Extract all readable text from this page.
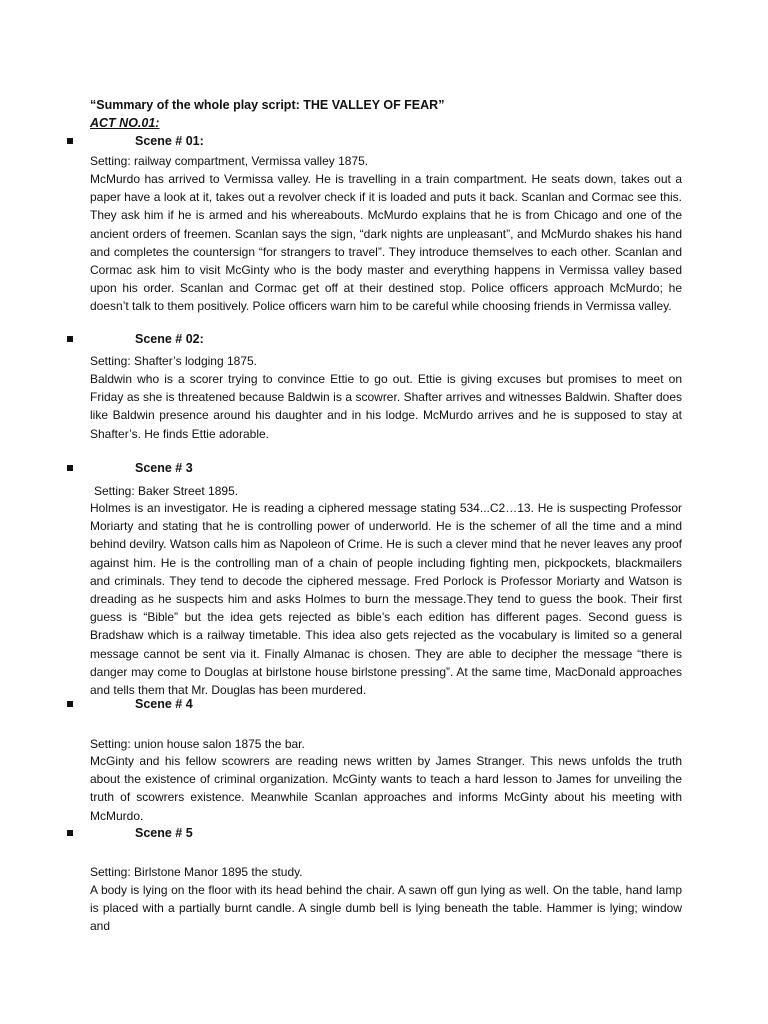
“Summary of the whole play script: THE VALLEY OF FEAR”
ACT NO.01:
Scene # 01:
Setting: railway compartment, Vermissa valley 1875.
McMurdo has arrived to Vermissa valley. He is travelling in a train compartment. He seats down, takes out a paper have a look at it, takes out a revolver check if it is loaded and puts it back. Scanlan and Cormac see this. They ask him if he is armed and his whereabouts. McMurdo explains that he is from Chicago and one of the ancient orders of freemen. Scanlan says the sign, “dark nights are unpleasant”, and McMurdo shakes his hand and completes the countersign “for strangers to travel”. They introduce themselves to each other. Scanlan and Cormac ask him to visit McGinty who is the body master and everything happens in Vermissa valley based upon his order. Scanlan and Cormac get off at their destined stop. Police officers approach McMurdo; he doesn’t talk to them positively. Police officers warn him to be careful while choosing friends in Vermissa valley.
Scene # 02:
Setting: Shafter’s lodging 1875.
Baldwin who is a scorer trying to convince Ettie to go out. Ettie is giving excuses but promises to meet on Friday as she is threatened because Baldwin is a scowrer. Shafter arrives and witnesses Baldwin. Shafter does like Baldwin presence around his daughter and in his lodge. McMurdo arrives and he is supposed to stay at Shafter’s. He finds Ettie adorable.
Scene # 3
Setting: Baker Street 1895.
Holmes is an investigator. He is reading a ciphered message stating 534...C2…13. He is suspecting Professor Moriarty and stating that he is controlling power of underworld. He is the schemer of all the time and a mind behind devilry. Watson calls him as Napoleon of Crime. He is such a clever mind that he never leaves any proof against him. He is the controlling man of a chain of people including fighting men, pickpockets, blackmailers and criminals. They tend to decode the ciphered message. Fred Porlock is Professor Moriarty and Watson is dreading as he suspects him and asks Holmes to burn the message.They tend to guess the book. Their first guess is “Bible” but the idea gets rejected as bible’s each edition has different pages. Second guess is Bradshaw which is a railway timetable. This idea also gets rejected as the vocabulary is limited so a general message cannot be sent via it. Finally Almanac is chosen. They are able to decipher the message “there is danger may come to Douglas at birlstone house birlstone pressing”. At the same time, MacDonald approaches and tells them that Mr. Douglas has been murdered.
Scene # 4
Setting: union house salon 1875 the bar.
McGinty and his fellow scowrers are reading news written by James Stranger. This news unfolds the truth about the existence of criminal organization. McGinty wants to teach a hard lesson to James for unveiling the truth of scowrers existence. Meanwhile Scanlan approaches and informs McGinty about his meeting with McMurdo.
Scene # 5
Setting: Birlstone Manor 1895 the study.
A body is lying on the floor with its head behind the chair. A sawn off gun lying as well. On the table, hand lamp is placed with a partially burnt candle. A single dumb bell is lying beneath the table. Hammer is lying; window and
